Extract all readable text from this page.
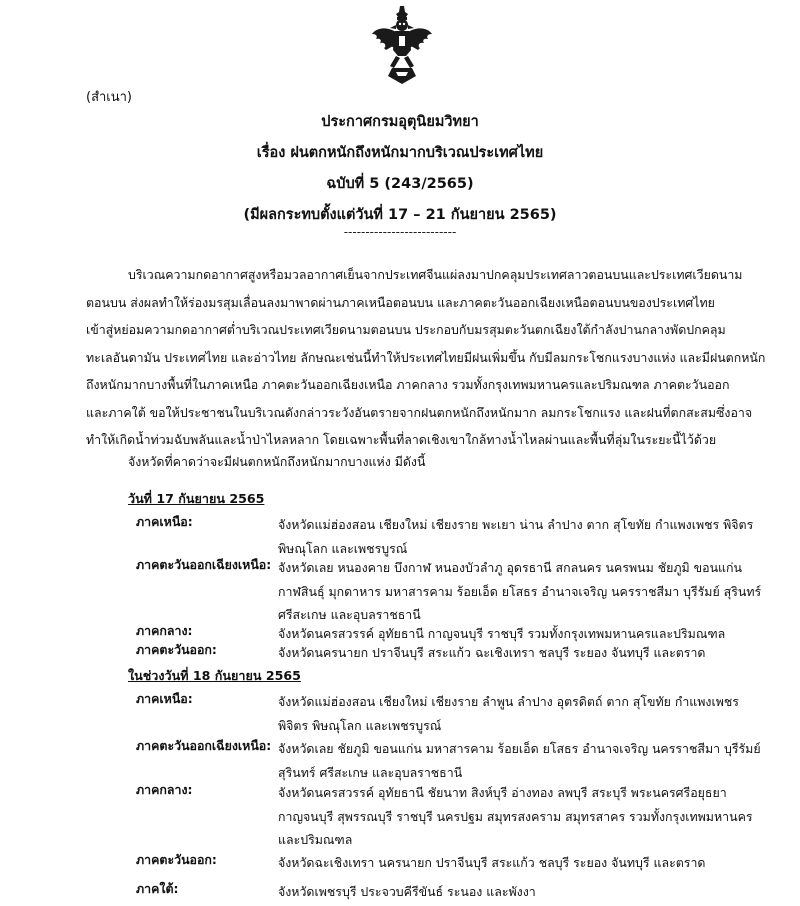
(สำเนา)
ประกาศกรมอุตุนิยมวิทยา
เรื่อง ฝนตกหนักถึงหนักมากบริเวณประเทศไทย
ฉบับที่ 5 (243/2565)
(มีผลกระทบตั้งแต่วันที่ 17 – 21 กันยายน 2565)
--------------------------
บริเวณความกดอากาศสูงหรือมวลอากาศเย็นจากประเทศจีนแผ่ลงมาปกคลุมประเทศลาวตอนบนและประเทศเวียดนาม
ตอนบน ส่งผลทำให้ร่องมรสุมเลื่อนลงมาพาดผ่านภาคเหนือตอนบน และภาคตะวันออกเฉียงเหนือตอนบนของประเทศไทย
เข้าสู่หย่อมความกดอากาศต่ำบริเวณประเทศเวียดนามตอนบน ประกอบกับมรสุมตะวันตกเฉียงใต้กำลังปานกลางพัดปกคลุม
ทะเลอันดามัน ประเทศไทย และอ่าวไทย ลักษณะเช่นนี้ทำให้ประเทศไทยมีฝนเพิ่มขึ้น กับมีลมกระโชกแรงบางแห่ง และมีฝนตกหนัก
ถึงหนักมากบางพื้นที่ในภาคเหนือ ภาคตะวันออกเฉียงเหนือ ภาคกลาง รวมทั้งกรุงเทพมหานครและปริมณฑล ภาคตะวันออก
และภาคใต้ ขอให้ประชาชนในบริเวณดังกล่าวระวังอันตรายจากฝนตกหนักถึงหนักมาก ลมกระโชกแรง และฝนที่ตกสะสมซึ่งอาจ
ทำให้เกิดน้ำท่วมฉับพลันและน้ำป่าไหลหลาก โดยเฉพาะพื้นที่ลาดเชิงเขาใกล้ทางน้ำไหลผ่านและพื้นที่ลุ่มในระยะนี้ไว้ด้วย
จังหวัดที่คาดว่าจะมีฝนตกหนักถึงหนักมากบางแห่ง มีดังนี้
วันที่ 17 กันยายน 2565
ภาคเหนือ:	จังหวัดแม่ฮ่องสอน เชียงใหม่ เชียงราย พะเยา น่าน ลำปาง ตาก สุโขทัย กำแพงเพชร พิจิตร
พิษณุโลก และเพชรบูรณ์
ภาคตะวันออกเฉียงเหนือ: จังหวัดเลย หนองคาย บึงกาฬ หนองบัวลำภู อุดรธานี สกลนคร นครพนม ชัยภูมิ ขอนแก่น
กาฬสินธุ์ มุกดาหาร มหาสารคาม ร้อยเอ็ด ยโสธร อำนาจเจริญ นครราชสีมา บุรีรัมย์ สุรินทร์
ศรีสะเกษ และอุบลราชธานี
ภาคกลาง:	จังหวัดนครสวรรค์ อุทัยธานี กาญจนบุรี ราชบุรี รวมทั้งกรุงเทพมหานครและปริมณฑล
ภาคตะวันออก:	จังหวัดนครนายก ปราจีนบุรี สระแก้ว ฉะเชิงเทรา ชลบุรี ระยอง จันทบุรี และตราด
ในช่วงวันที่ 18 กันยายน 2565
ภาคเหนือ:	จังหวัดแม่ฮ่องสอน เชียงใหม่ เชียงราย ลำพูน ลำปาง อุตรดิตถ์ ตาก สุโขทัย กำแพงเพชร
พิจิตร พิษณุโลก และเพชรบูรณ์
ภาคตะวันออกเฉียงเหนือ: จังหวัดเลย ชัยภูมิ ขอนแก่น มหาสารคาม ร้อยเอ็ด ยโสธร อำนาจเจริญ นครราชสีมา บุรีรัมย์
สุรินทร์ ศรีสะเกษ และอุบลราชธานี
ภาคกลาง:	จังหวัดนครสวรรค์ อุทัยธานี ชัยนาท สิงห์บุรี อ่างทอง ลพบุรี สระบุรี พระนครศรีอยุธยา
กาญจนบุรี สุพรรณบุรี ราชบุรี นครปฐม สมุทรสงคราม สมุทรสาคร รวมทั้งกรุงเทพมหานคร
และปริมณฑล
ภาคตะวันออก:	จังหวัดฉะเชิงเทรา นครนายก ปราจีนบุรี สระแก้ว ชลบุรี ระยอง จันทบุรี และตราด
ภาคใต้:	จังหวัดเพชรบุรี ประจวบคีรีขันธ์ ระนอง และพังงา
